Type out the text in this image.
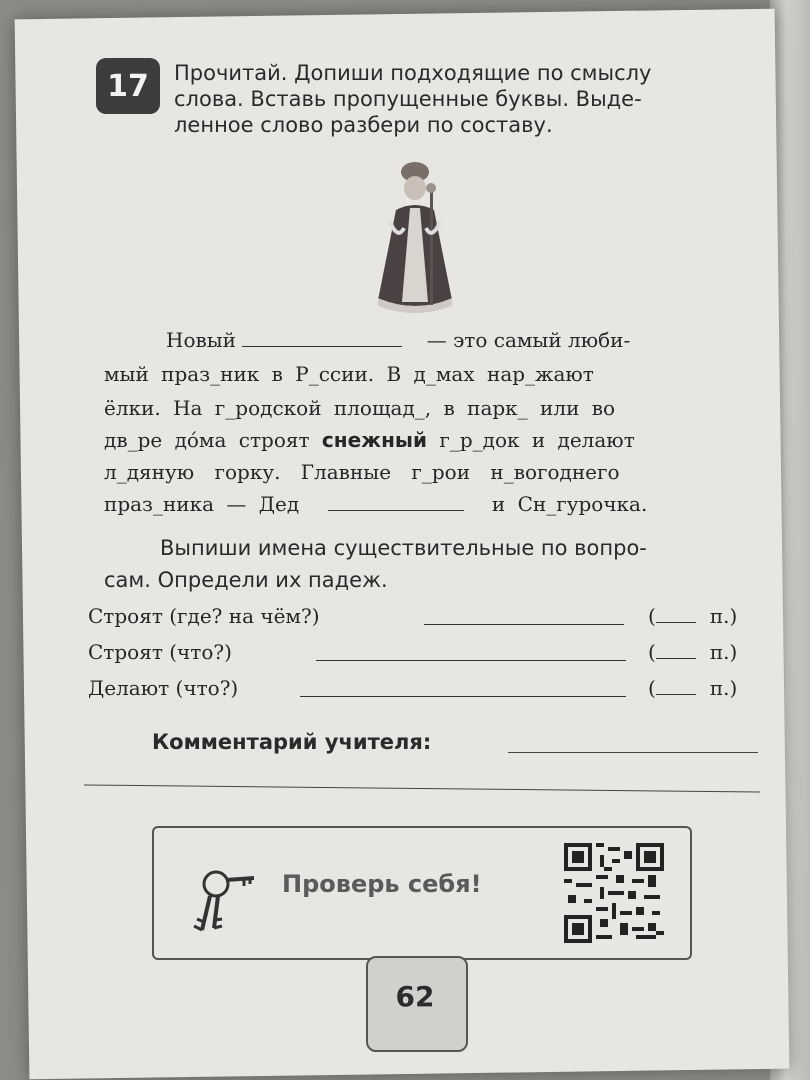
17	Прочитай. Допиши подходящие по смыслу
слова. Вставь пропущенные буквы. Выде-
ленное слово разбери по составу.
Новый	— это самый люби-
мый праз_ник в Р_ссии. В д_мах нар_жают
ёлки. На г_родской площад_, в парк_ или во
дв_ре до́ма строят снежный г_р_док и делают
л_дяную горку. Главные г_рои н_вогоднего
праз_ника — Дед	и Сн_гурочка.
Выпиши имена существительные по вопро-
сам. Определи их падеж.
Строят (где? на чём?)	(	п.)
Строят (что?)	(	п.)
Делают (что?)	(	п.)
Комментарий учителя:
Проверь себя!
62
